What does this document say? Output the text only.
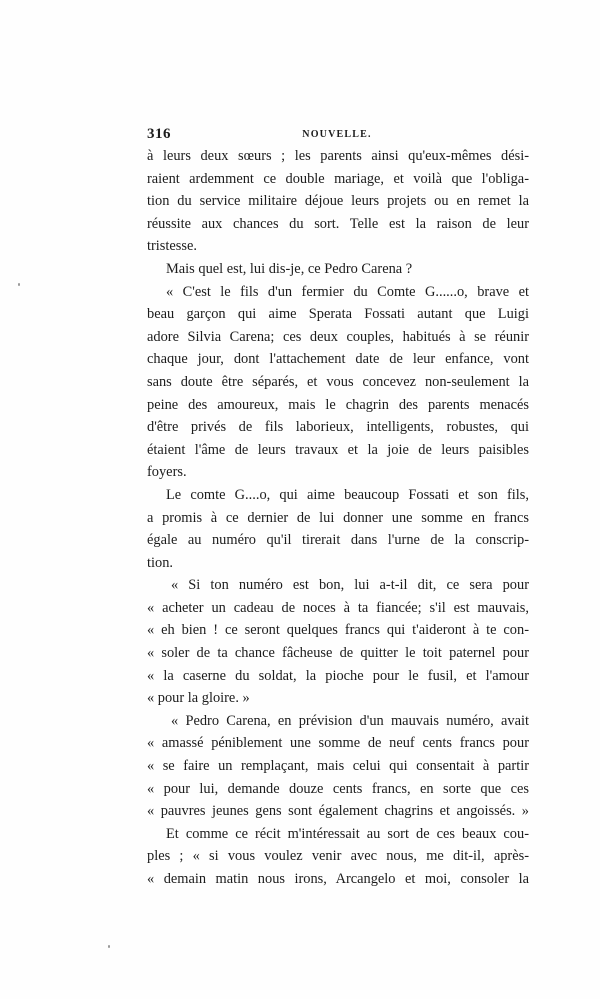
316	NOUVELLE.
à leurs deux sœurs ; les parents ainsi qu'eux-mêmes dési-
raient ardemment ce double mariage, et voilà que l'obliga-
tion du service militaire déjoue leurs projets ou en remet la
réussite aux chances du sort. Telle est la raison de leur
tristesse.
Mais quel est, lui dis-je, ce Pedro Carena ?
« C'est le fils d'un fermier du Comte G......o, brave et
beau garçon qui aime Sperata Fossati autant que Luigi
adore Silvia Carena; ces deux couples, habitués à se réunir
chaque jour, dont l'attachement date de leur enfance, vont
sans doute être séparés, et vous concevez non-seulement la
peine des amoureux, mais le chagrin des parents menacés
d'être privés de fils laborieux, intelligents, robustes, qui
étaient l'âme de leurs travaux et la joie de leurs paisibles
foyers.
Le comte G....o, qui aime beaucoup Fossati et son fils,
a promis à ce dernier de lui donner une somme en francs
égale au numéro qu'il tirerait dans l'urne de la conscrip-
tion.
« Si ton numéro est bon, lui a-t-il dit, ce sera pour
« acheter un cadeau de noces à ta fiancée; s'il est mauvais,
« eh bien ! ce seront quelques francs qui t'aideront à te con-
« soler de ta chance fâcheuse de quitter le toit paternel pour
« la caserne du soldat, la pioche pour le fusil, et l'amour
« pour la gloire. »
« Pedro Carena, en prévision d'un mauvais numéro, avait
« amassé péniblement une somme de neuf cents francs pour
« se faire un remplaçant, mais celui qui consentait à partir
« pour lui, demande douze cents francs, en sorte que ces
« pauvres jeunes gens sont également chagrins et angoissés. »
Et comme ce récit m'intéressait au sort de ces beaux cou-
ples ; « si vous voulez venir avec nous, me dit-il, après-
« demain matin nous irons, Arcangelo et moi, consoler la
